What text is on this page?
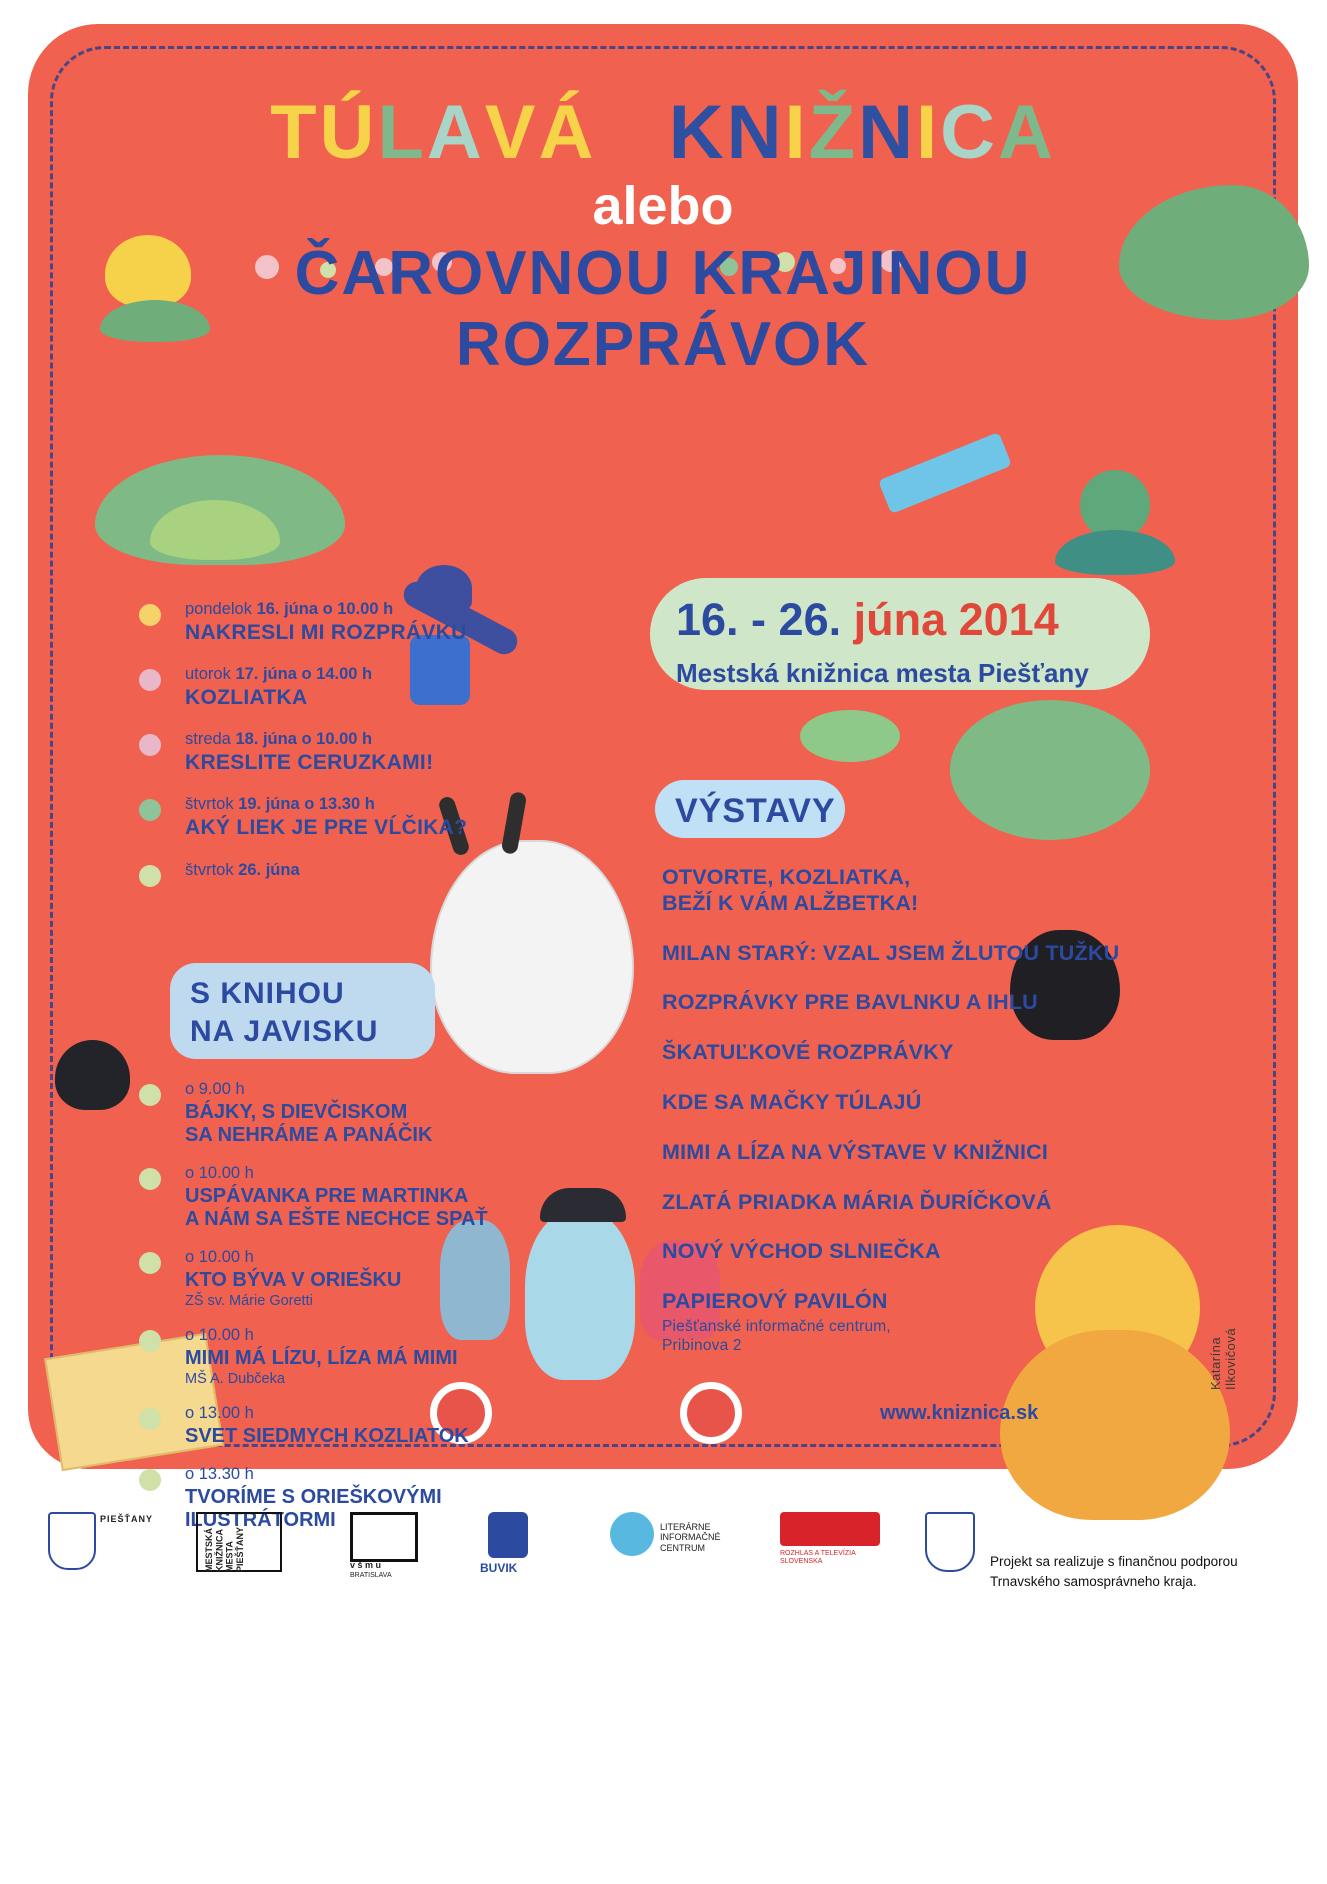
TÚLAVÁ KNIŽNICA
alebo
ČAROVNOU KRAJINOU
ROZPRÁVOK
16. - 26. júna 2014
Mestská knižnica mesta Piešťany
pondelok 16. júna o 10.00 h
NAKRESLI MI ROZPRÁVKU
utorok 17. júna o 14.00 h
KOZLIATKA
streda 18. júna o 10.00 h
KRESLITE CERUZKAMI!
štvrtok 19. júna o 13.30 h
AKÝ LIEK JE PRE VĹČIKA?
štvrtok 26. júna
S KNIHOU
NA JAVISKU
o 9.00 h
BÁJKY, S DIEVČISKOM
SA NEHRÁME A PANÁČIK
o 10.00 h
USPÁVANKA PRE MARTINKA
A NÁM SA EŠTE NECHCE SPAŤ
o 10.00 h
KTO BÝVA V ORIEŠKU
ZŠ sv. Márie Goretti
o 10.00 h
MIMI MÁ LÍZU, LÍZA MÁ MIMI
MŠ A. Dubčeka
o 13.00 h
SVET SIEDMYCH KOZLIATOK
o 13.30 h
TVORÍME S ORIEŠKOVÝMI
ILUSTRÁTORMI
VÝSTAVY
OTVORTE, KOZLIATKA,
BEŽÍ K VÁM ALŽBETKA!
MILAN STARÝ: VZAL JSEM ŽLUTOU TUŽKU
ROZPRÁVKY PRE BAVLNKU A IHLU
ŠKATUĽKOVÉ ROZPRÁVKY
KDE SA MAČKY TÚLAJÚ
MIMI A LÍZA NA VÝSTAVE V KNIŽNICI
ZLATÁ PRIADKA MÁRIA ĎURÍČKOVÁ
NOVÝ VÝCHOD SLNIEČKA
PAPIEROVÝ PAVILÓN
Piešťanské informačné centrum,
Pribinova 2
www.kniznica.sk
Katarína Ilkovičová
PIEŠŤANY
MESTSKÁ KNIŽNICA MESTA PIEŠŤANY	v š m u
BRATISLAVA
BUVIK
LITERÁRNE
INFORMAČNÉ
CENTRUM
ROZHLAS A TELEVÍZIA SLOVENSKA	Projekt sa realizuje s finančnou podporou
Trnavského samosprávneho kraja.
